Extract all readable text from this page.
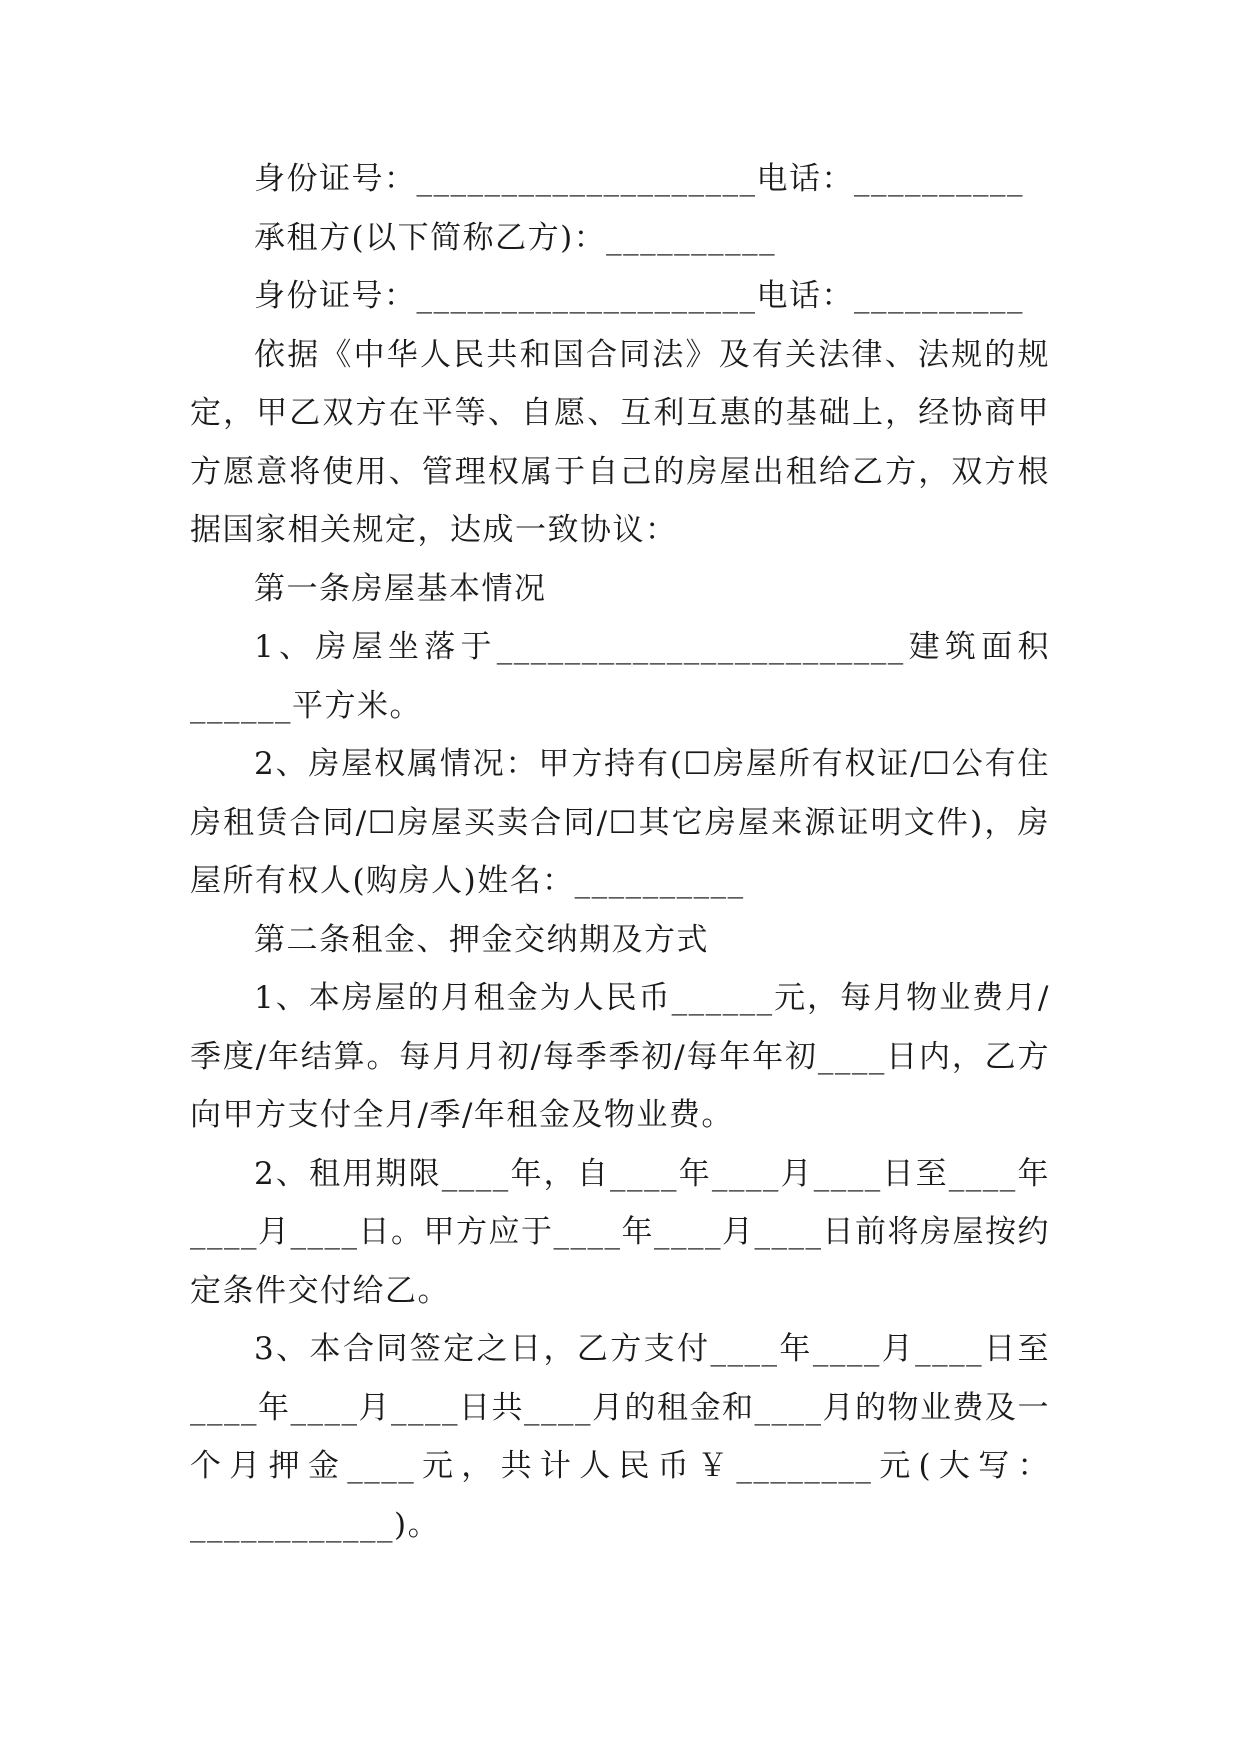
身份证号：____________________电话：__________

承租方(以下简称乙方)：__________

身份证号：____________________电话：__________

依据《中华人民共和国合同法》及有关法律、法规的规定，甲乙双方在平等、自愿、互利互惠的基础上，经协商甲方愿意将使用、管理权属于自己的房屋出租给乙方，双方根据国家相关规定，达成一致协议：

第一条房屋基本情况

1、房屋坐落于________________________建筑面积______平方米。

2、房屋权属情况：甲方持有(☐房屋所有权证/☐公有住房租赁合同/☐房屋买卖合同/☐其它房屋来源证明文件)，房屋所有权人(购房人)姓名：__________

第二条租金、押金交纳期及方式

1、本房屋的月租金为人民币______元，每月物业费月/季度/年结算。每月月初/每季季初/每年年初____日内，乙方向甲方支付全月/季/年租金及物业费。

2、租用期限____年，自____年____月____日至____年____月____日。甲方应于____年____月____日前将房屋按约定条件交付给乙。

3、本合同签定之日，乙方支付____年____月____日至____年____月____日共____月的租金和____月的物业费及一个月押金____元，共计人民币￥________元(大写：____________)。
